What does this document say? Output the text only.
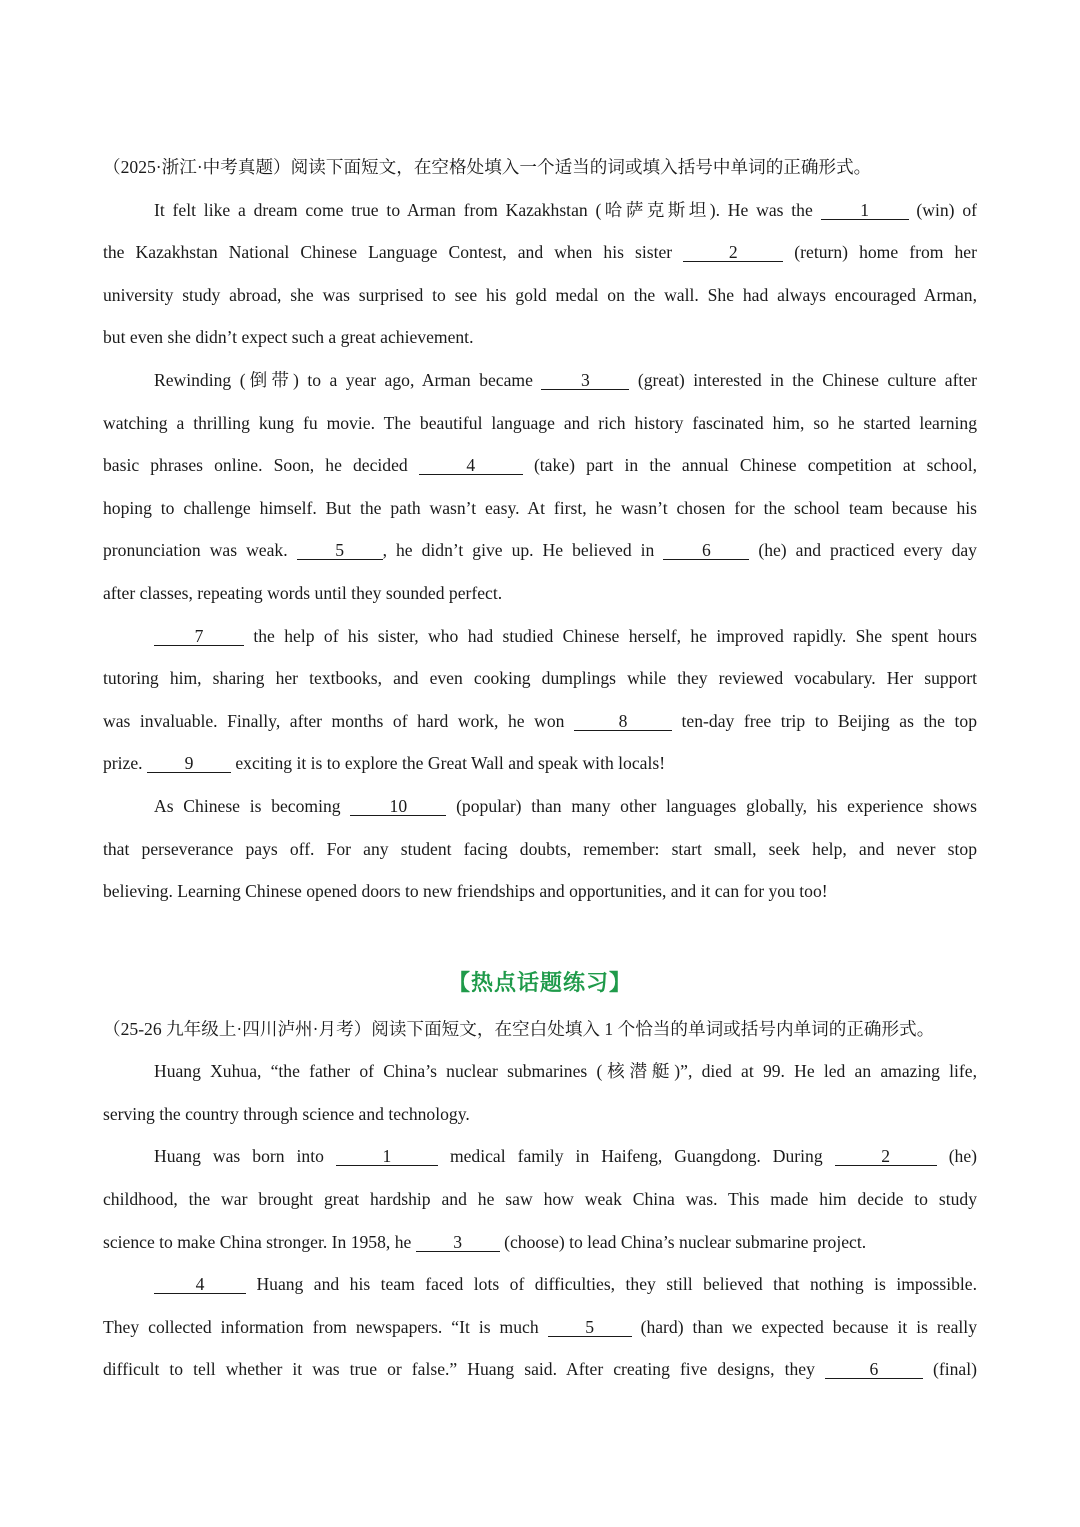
（2025·浙江·中考真题）阅读下面短文，在空格处填入一个适当的词或填入括号中单词的正确形式。
It felt like a dream come true to Arman from Kazakhstan (哈萨克斯坦). He was the	1	(win) of
the Kazakhstan National Chinese Language Contest, and when his sister	2	(return) home from her
university study abroad, she was surprised to see his gold medal on the wall. She had always encouraged Arman,
but even she didn’t expect such a great achievement.
Rewinding (倒带) to a year ago, Arman became	3	(great) interested in the Chinese culture after
watching a thrilling kung fu movie. The beautiful language and rich history fascinated him, so he started learning
basic phrases online. Soon, he decided	4	(take) part in the annual Chinese competition at school,
hoping to challenge himself. But the path wasn’t easy. At first, he wasn’t chosen for the school team because his
pronunciation was weak.	5 , he didn’t give up. He believed in	6	(he) and practiced every day
after classes, repeating words until they sounded perfect.
7	the help of his sister, who had studied Chinese herself, he improved rapidly. She spent hours
tutoring him, sharing her textbooks, and even cooking dumplings while they reviewed vocabulary. Her support
was invaluable. Finally, after months of hard work, he won	8	ten-day free trip to Beijing as the top
prize. 9 exciting it is to explore the Great Wall and speak with locals!
As Chinese is becoming	10	(popular) than many other languages globally, his experience shows
that perseverance pays off. For any student facing doubts, remember: start small, seek help, and never stop
believing. Learning Chinese opened doors to new friendships and opportunities, and it can for you too!
【热点话题练习】
（25-26 九年级上·四川泸州·月考）阅读下面短文，在空白处填入 1 个恰当的单词或括号内单词的正确形式。
Huang Xuhua, “the father of China’s nuclear submarines (核潜艇)”, died at 99. He led an amazing life,
serving the country through science and technology.
Huang was born into	1	medical family in Haifeng, Guangdong. During	2	(he)
childhood, the war brought great hardship and he saw how weak China was. This made him decide to study
science to make China stronger. In 1958, he 3 (choose) to lead China’s nuclear submarine project.
4	Huang and his team faced lots of difficulties, they still believed that nothing is impossible.
They collected information from newspapers. “It is much	5	(hard) than we expected because it is really
difficult to tell whether it was true or false.” Huang said. After creating five designs, they	6	(final)
